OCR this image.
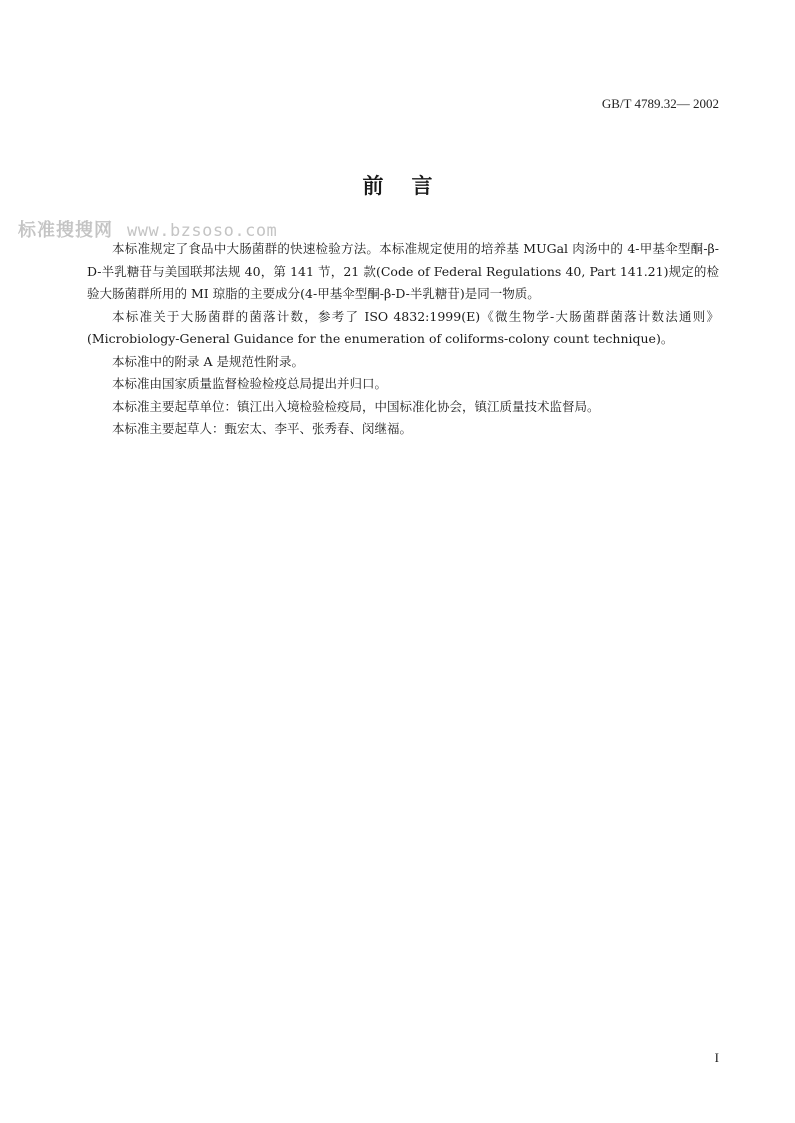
GB/T 4789.32— 2002
前言
标准搜搜网 www.bzsoso.com

本标准规定了食品中大肠菌群的快速检验方法。本标准规定使用的培养基 MUGal 肉汤中的 4-甲基伞型酮-β-D-半乳糖苷与美国联邦法规 40，第 141 节，21 款(Code of Federal Regulations 40, Part 141.21)规定的检验大肠菌群所用的 MI 琼脂的主要成分(4-甲基伞型酮-β-D-半乳糖苷)是同一物质。

本标准关于大肠菌群的菌落计数，参考了 ISO 4832:1999(E)《微生物学-大肠菌群菌落计数法通则》(Microbiology-General Guidance for the enumeration of coliforms-colony count technique)。

本标准中的附录 A 是规范性附录。

本标准由国家质量监督检验检疫总局提出并归口。

本标准主要起草单位：镇江出入境检验检疫局，中国标准化协会，镇江质量技术监督局。

本标准主要起草人：甄宏太、李平、张秀春、闵继福。

I
